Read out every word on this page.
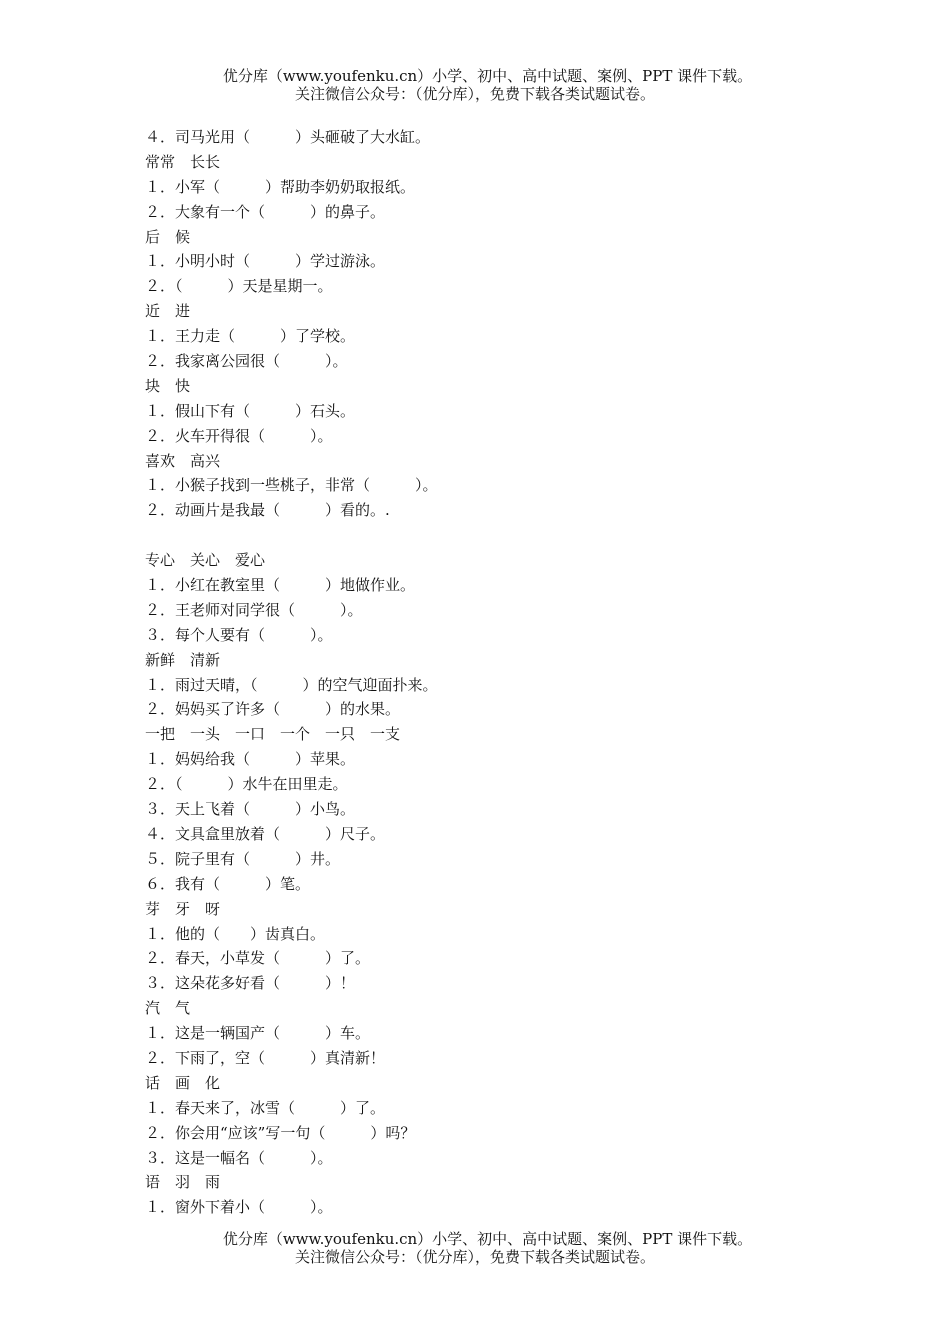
优分库（www.youfenku.cn）小学、初中、高中试题、案例、PPT 课件下载。
关注微信公众号：（优分库），免费下载各类试题试卷。
４．司马光用（　　　）头砸破了大水缸。
常常　长长
１．小军（　　　）帮助李奶奶取报纸。
２．大象有一个（　　　）的鼻子。
后　候
１．小明小时（　　　）学过游泳。
２．（　　　）天是星期一。
近　进
１．王力走（　　　）了学校。
２．我家离公园很（　　　）。
块　快
１．假山下有（　　　）石头。
２．火车开得很（　　　）。
喜欢　高兴
１．小猴子找到一些桃子，非常（　　　）。
２．动画片是我最（　　　）看的。.
专心　关心　爱心
１．小红在教室里（　　　）地做作业。
２．王老师对同学很（　　　）。
３．每个人要有（　　　）。
新鲜　清新
１．雨过天晴，（　　　）的空气迎面扑来。
２．妈妈买了许多（　　　）的水果。
一把　一头　一口　一个　一只　一支
１．妈妈给我（　　　）苹果。
２．（　　　）水牛在田里走。
３．天上飞着（　　　）小鸟。
４．文具盒里放着（　　　）尺子。
５．院子里有（　　　）井。
６．我有（　　　）笔。
芽　牙　呀
１．他的（　　）齿真白。
２．春天，小草发（　　　）了。
３．这朵花多好看（　　　）！
汽　气
１．这是一辆国产（　　　）车。
２．下雨了，空（　　　）真清新！
话　画　化
１．春天来了，冰雪（　　　）了。
２．你会用“应该”写一句（　　　）吗？
３．这是一幅名（　　　）。
语　羽　雨
１．窗外下着小（　　　）。
优分库（www.youfenku.cn）小学、初中、高中试题、案例、PPT 课件下载。
关注微信公众号：（优分库），免费下载各类试题试卷。
